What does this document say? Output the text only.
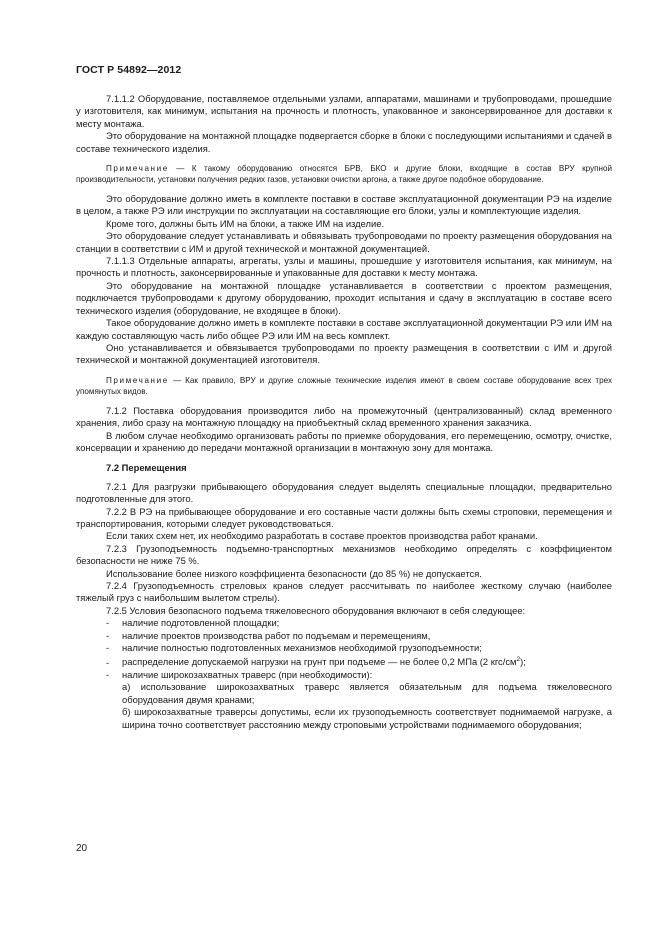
ГОСТ Р 54892—2012

7.1.1.2 Оборудование, поставляемое отдельными узлами, аппаратами, машинами и трубопроводами, прошедшие у изготовителя, как минимум, испытания на прочность и плотность, упакованное и законсервированное для доставки к месту монтажа.

Это оборудование на монтажной площадке подвергается сборке в блоки с последующими испытаниями и сдачей в составе технического изделия.

Примечание — К такому оборудованию относятся БРВ, БКО и другие блоки, входящие в состав ВРУ крупной производительности, установки получения редких газов, установки очистки аргона, а также другое подобное оборудование.

Это оборудование должно иметь в комплекте поставки в составе эксплуатационной документации РЭ на изделие в целом, а также РЭ или инструкции по эксплуатации на составляющие его блоки, узлы и комплектующие изделия.

Кроме того, должны быть ИМ на блоки, а также ИМ на изделие.

Это оборудование следует устанавливать и обвязывать трубопроводами по проекту размещения оборудования на станции в соответствии с ИМ и другой технической и монтажной документацией.

7.1.1.3 Отдельные аппараты, агрегаты, узлы и машины, прошедшие у изготовителя испытания, как минимум, на прочность и плотность, законсервированные и упакованные для доставки к месту монтажа.

Это оборудование на монтажной площадке устанавливается в соответствии с проектом размещения, подключается трубопроводами к другому оборудованию, проходит испытания и сдачу в эксплуатацию в составе всего технического изделия (оборудование, не входящее в блоки).

Такое оборудование должно иметь в комплекте поставки в составе эксплуатационной документации РЭ или ИМ на каждую составляющую часть либо общее РЭ или ИМ на весь комплект.

Оно устанавливается и обвязывается трубопроводами по проекту размещения в соответствии с ИМ и другой технической и монтажной документацией изготовителя.

Примечание — Как правило, ВРУ и другие сложные технические изделия имеют в своем составе оборудование всех трех упомянутых видов.

7.1.2 Поставка оборудования производится либо на промежуточный (централизованный) склад временного хранения, либо сразу на монтажную площадку на приобъектный склад временного хранения заказчика.

В любом случае необходимо организовать работы по приемке оборудования, его перемещению, осмотру, очистке, консервации и хранению до передачи монтажной организации в монтажную зону для монтажа.

7.2 Перемещения

7.2.1 Для разгрузки прибывающего оборудования следует выделять специальные площадки, предварительно подготовленные для этого.

7.2.2 В РЭ на прибывающее оборудование и его составные части должны быть схемы строповки, перемещения и транспортирования, которыми следует руководствоваться.

Если таких схем нет, их необходимо разработать в составе проектов производства работ кранами.

7.2.3 Грузоподъемность подъемно-транспортных механизмов необходимо определять с коэффициентом безопасности не ниже 75 %.

Использование более низкого коэффициента безопасности (до 85 %) не допускается.

7.2.4 Грузоподъемность стреловых кранов следует рассчитывать по наиболее жесткому случаю (наиболее тяжелый груз с наибольшим вылетом стрелы).

7.2.5 Условия безопасного подъема тяжеловесного оборудования включают в себя следующее:

- наличие подготовленной площадки;

- наличие проектов производства работ по подъемам и перемещениям,

- наличие полностью подготовленных механизмов необходимой грузоподъемности;

- распределение допускаемой нагрузки на грунт при подъеме — не более 0,2 МПа (2 кгс/$см^2$);

- наличие широкозахватных траверс (при необходимости):

а) использование широкозахватных траверс является обязательным для подъема тяжеловесного оборудования двумя кранами;

б) широкозахватные траверсы допустимы, если их грузоподъемность соответствует поднимаемой нагрузке, а ширина точно соответствует расстоянию между строповыми устройствами поднимаемого оборудования;

20
